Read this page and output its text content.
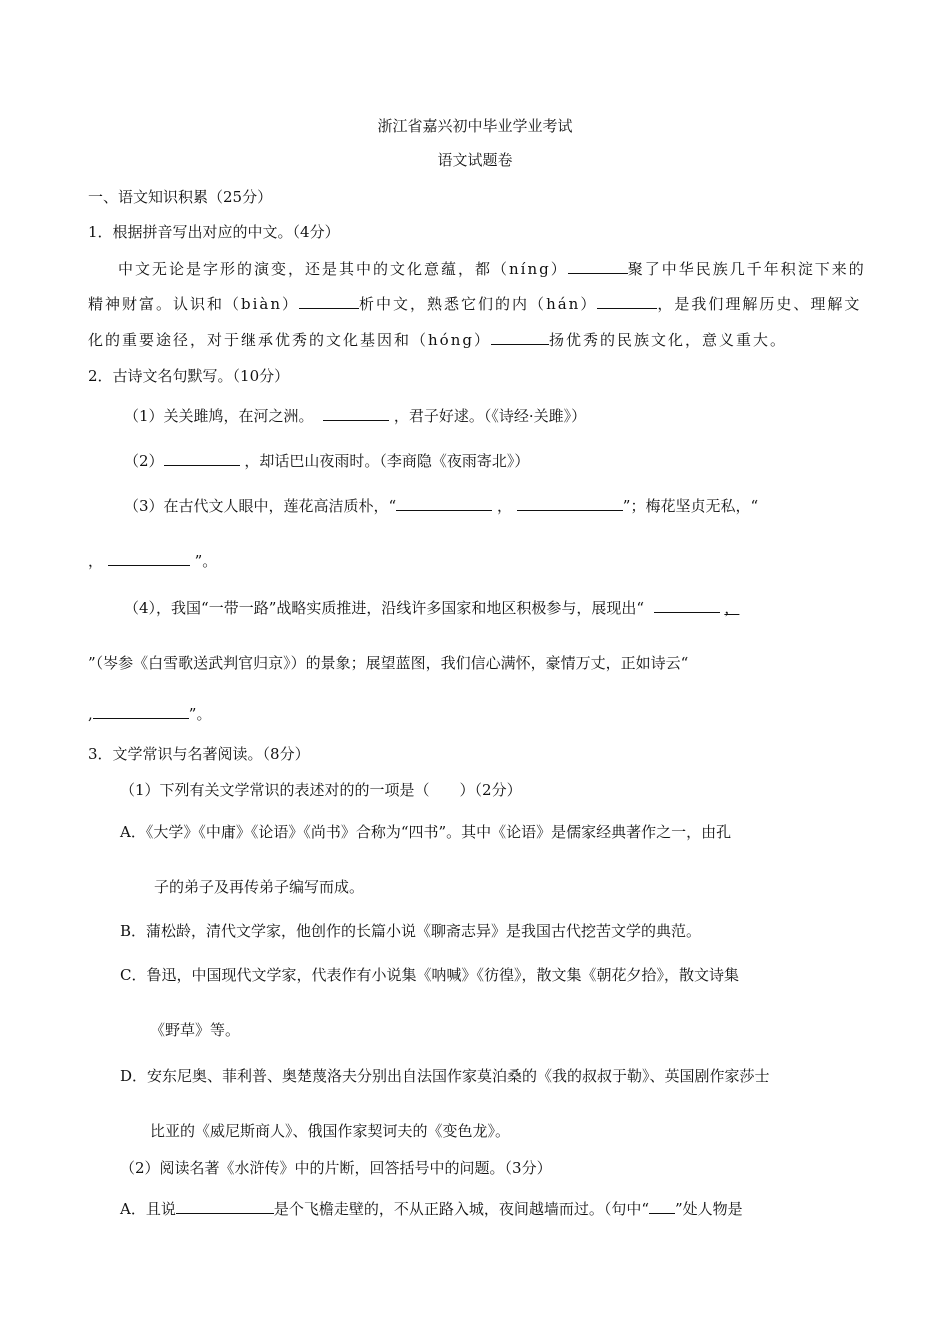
浙江省嘉兴初中毕业学业考试
语文试题卷
一、语文知识积累（25分）
1．根据拼音写出对应的中文。（4分）
中文无论是字形的演变，还是其中的文化意蕴，都（níng）	聚了中华民族几千年积淀下来的
精神财富。认识和（biàn）	析中文，熟悉它们的内（hán）	，是我们理解历史、理解文
化的重要途径，对于继承优秀的文化基因和（hóng）	扬优秀的民族文化，意义重大。
2．古诗文名句默写。（10分）
（1）关关雎鸠，在河之洲。	，君子好逑。（《诗经·关雎》）
（2）	，却话巴山夜雨时。（李商隐《夜雨寄北》）
（3）在古代文人眼中，莲花高洁质朴，“	，	”；梅花坚贞无私，“
，	”。
（4），我国“一带一路”战略实质推进，沿线许多国家和地区积极参与，展现出“	，
”（岑参《白雪歌送武判官归京》）的景象；展望蓝图，我们信心满怀，豪情万丈，正如诗云“
,	”。
3．文学常识与名著阅读。（8分）
（1）下列有关文学常识的表述对的的一项是（　　）（2分）
A．《大学》《中庸》《论语》《尚书》合称为“四书”。其中《论语》是儒家经典著作之一，由孔
子的弟子及再传弟子编写而成。
B．蒲松龄，清代文学家，他创作的长篇小说《聊斋志异》是我国古代挖苦文学的典范。
C．鲁迅，中国现代文学家，代表作有小说集《呐喊》《彷徨》，散文集《朝花夕拾》，散文诗集
《野草》等。
D．安东尼奥、菲利普、奥楚蔑洛夫分别出自法国作家莫泊桑的《我的叔叔于勒》、英国剧作家莎士
比亚的《威尼斯商人》、俄国作家契诃夫的《变色龙》。
（2）阅读名著《水浒传》中的片断，回答括号中的问题。（3分）
A．且说	是个飞檐走壁的，不从正路入城，夜间越墙而过。（句中“ ”处人物是
